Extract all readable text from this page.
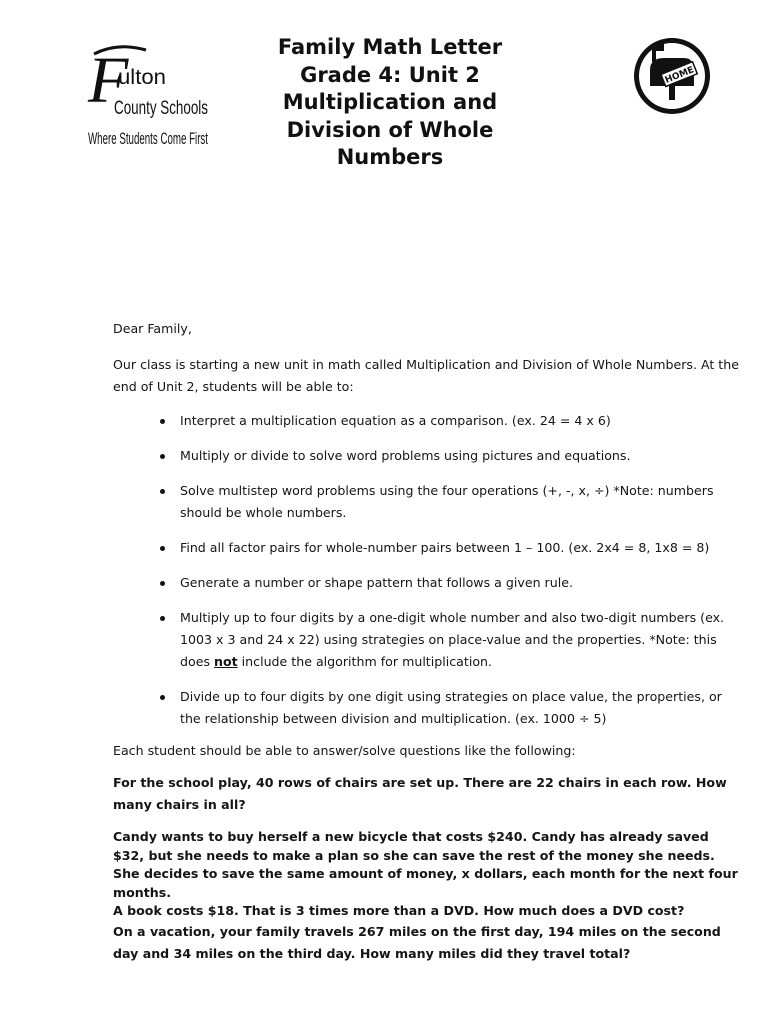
F
ulton
County Schools
Where Students Come First
Family Math Letter
Grade 4: Unit 2
Multiplication and
Division of Whole
Numbers
HOME
Dear Family,
Our class is starting a new unit in math called Multiplication and Division of Whole Numbers. At the end of Unit 2, students will be able to:
Interpret a multiplication equation as a comparison. (ex. 24 = 4 x 6)
Multiply or divide to solve word problems using pictures and equations.
Solve multistep word problems using the four operations (+, -, x, ÷) *Note: numbers should be whole numbers.
Find all factor pairs for whole-number pairs between 1 – 100. (ex. 2x4 = 8, 1x8 = 8)
Generate a number or shape pattern that follows a given rule.
Multiply up to four digits by a one-digit whole number and also two-digit numbers (ex. 1003 x 3 and 24 x 22) using strategies on place-value and the properties. *Note: this does not include the algorithm for multiplication.
Divide up to four digits by one digit using strategies on place value, the properties, or the relationship between division and multiplication. (ex. 1000 ÷ 5)
Each student should be able to answer/solve questions like the following:
For the school play, 40 rows of chairs are set up. There are 22 chairs in each row. How many chairs in all?
Candy wants to buy herself a new bicycle that costs $240. Candy has already saved $32, but she needs to make a plan so she can save the rest of the money she needs. She decides to save the same amount of money, x dollars, each month for the next four months.
A book costs $18. That is 3 times more than a DVD. How much does a DVD cost?
On a vacation, your family travels 267 miles on the first day, 194 miles on the second day and 34 miles on the third day. How many miles did they travel total?
